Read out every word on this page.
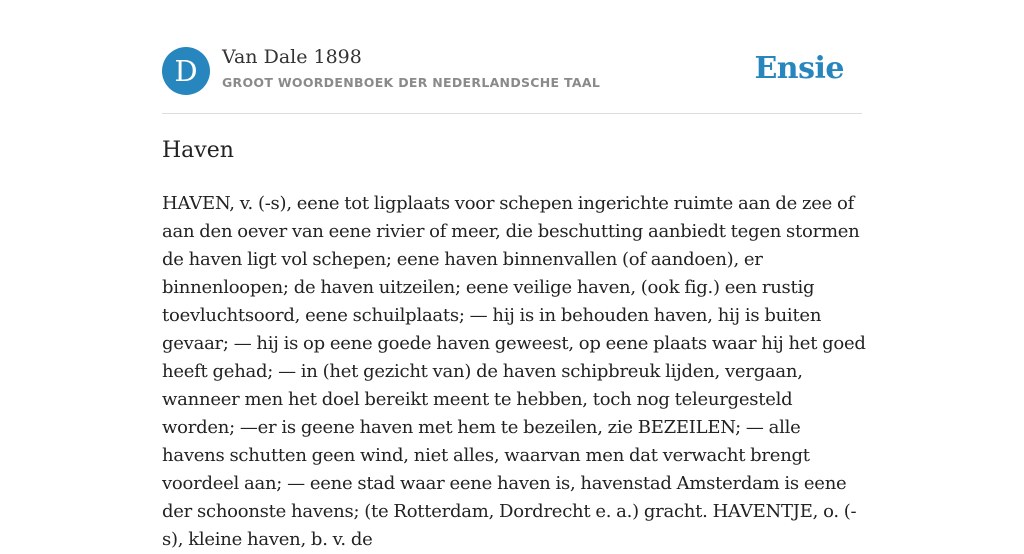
D	Van Dale 1898
GROOT WOORDENBOEK DER NEDERLANDSCHE TAAL	Ensie
Haven

HAVEN, v. (-s), eene tot ligplaats voor schepen ingerichte ruimte aan de zee of aan den oever van eene rivier of meer, die beschutting aanbiedt tegen stormen de haven ligt vol schepen; eene haven binnenvallen (of aandoen), er binnenloopen; de haven uitzeilen; eene veilige haven, (ook fig.) een rustig toevluchtsoord, eene schuilplaats; — hij is in behouden haven, hij is buiten gevaar; — hij is op eene goede haven geweest, op eene plaats waar hij het goed heeft gehad; — in (het gezicht van) de haven schipbreuk lijden, vergaan, wanneer men het doel bereikt meent te hebben, toch nog teleurgesteld worden; —er is geene haven met hem te bezeilen, zie BEZEILEN; — alle havens schutten geen wind, niet alles, waarvan men dat verwacht brengt voordeel aan; — eene stad waar eene haven is, havenstad Amsterdam is eene der schoonste havens; (te Rotterdam, Dordrecht e. a.) gracht. HAVENTJE, o. (-s), kleine haven, b. v. de
